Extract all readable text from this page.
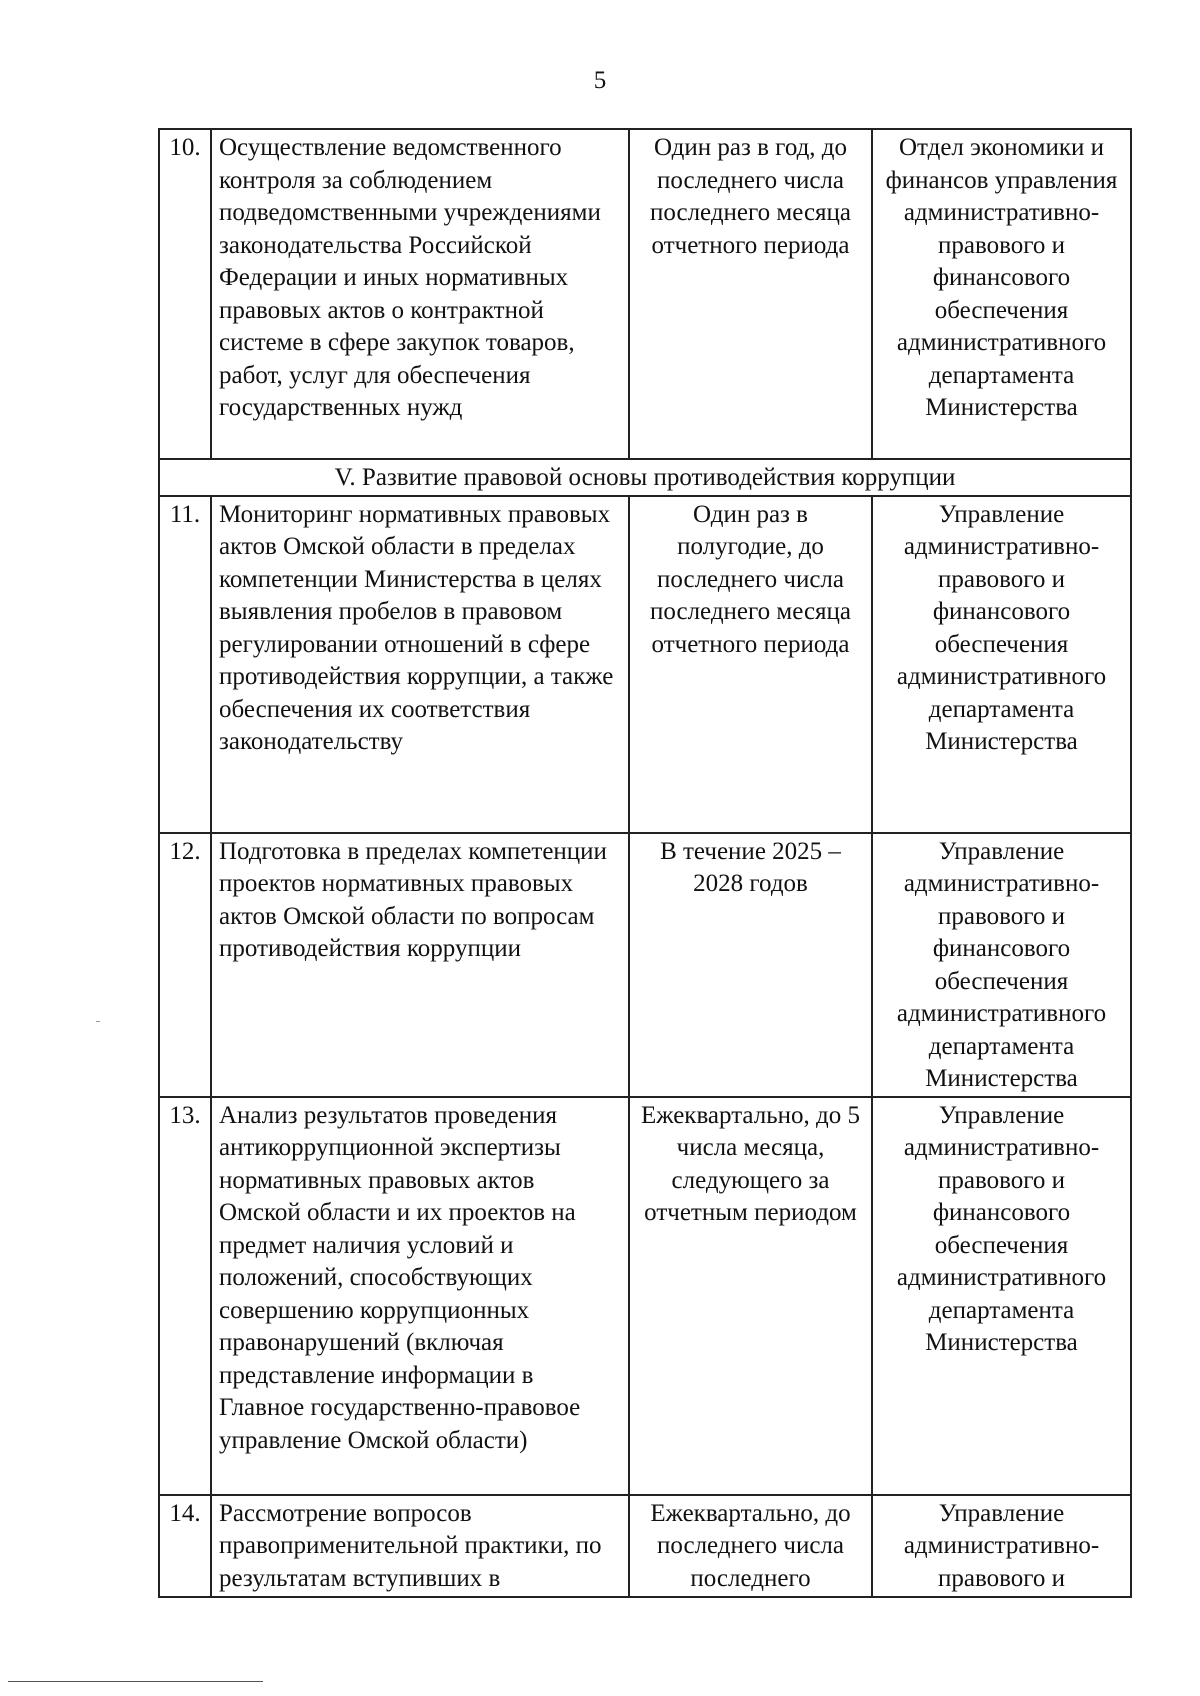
5
10.	Осуществление ведомственного контроля за соблюдением подведомственными учреждениями законодательства Российской Федерации и иных нормативных правовых актов о контрактной системе в сфере закупок товаров, работ, услуг для обеспечения государственных нужд	Один раз в год, до последнего числа последнего месяца отчетного периода	Отдел экономики и финансов управления административно-правового и финансового обеспечения административного департамента Министерства
V. Развитие правовой основы противодействия коррупции			
11.	Мониторинг нормативных правовых актов Омской области в пределах компетенции Министерства в целях выявления пробелов в правовом регулировании отношений в сфере противодействия коррупции, а также обеспечения их соответствия законодательству	Один раз в полугодие, до последнего числа последнего месяца отчетного периода	Управление административно-правового и финансового обеспечения административного департамента Министерства
12.	Подготовка в пределах компетенции проектов нормативных правовых актов Омской области по вопросам противодействия коррупции	В течение 2025 – 2028 годов	Управление административно-правового и финансового обеспечения административного департамента Министерства
13.	Анализ результатов проведения антикоррупционной экспертизы нормативных правовых актов Омской области и их проектов на предмет наличия условий и положений, способствующих совершению коррупционных правонарушений (включая представление информации в Главное государственно-правовое управление Омской области)	Ежеквартально, до 5 числа месяца, следующего за отчетным периодом	Управление административно-правового и финансового обеспечения административного департамента Министерства
14.	Рассмотрение вопросов правоприменительной практики, по результатам вступивших в	Ежеквартально, до последнего числа последнего	Управление административно-правового и
